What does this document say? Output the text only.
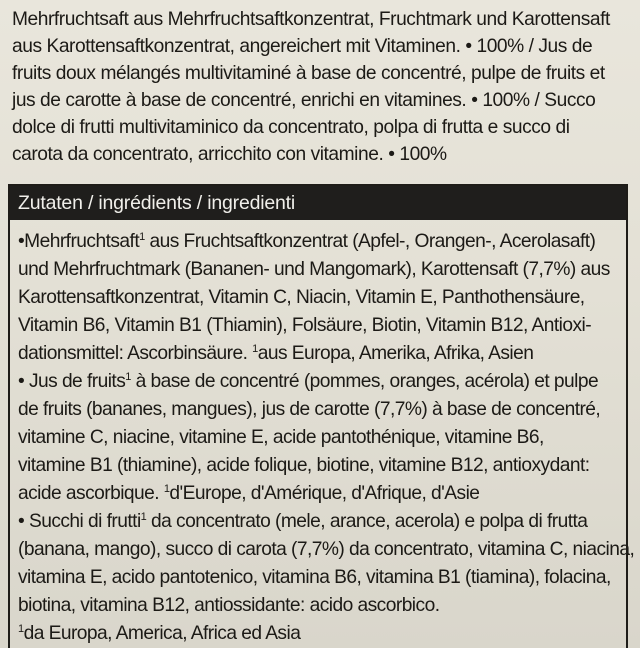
Mehrfruchtsaft aus Mehrfruchtsaftkonzentrat, Fruchtmark und Karottensaft

aus Karottensaftkonzentrat, angereichert mit Vitaminen. • 100% / Jus de

fruits doux mélangés multivitaminé à base de concentré, pulpe de fruits et

jus de carotte à base de concentré, enrichi en vitamines. • 100% / Succo

dolce di frutti multivitaminico da concentrato, polpa di frutta e succo di

carota da concentrato, arricchito con vitamine. • 100%

Zutaten / ingrédients / ingredienti
•Mehrfruchtsaft$^1$ aus Fruchtsaftkonzentrat (Apfel-, Orangen-, Acerolasaft)
und Mehrfruchtmark (Bananen- und Mangomark), Karottensaft (7,7%) aus
Karottensaftkonzentrat, Vitamin C, Niacin, Vitamin E, Panthothensäure,
Vitamin B6, Vitamin B1 (Thiamin), Folsäure, Biotin, Vitamin B12, Antioxi-
dationsmittel: Ascorbinsäure. $^1$aus Europa, Amerika, Afrika, Asien
• Jus de fruits$^1$ à base de concentré (pommes, oranges, acérola) et pulpe
de fruits (bananes, mangues), jus de carotte (7,7%) à base de concentré,
vitamine C, niacine, vitamine E, acide pantothénique, vitamine B6,
vitamine B1 (thiamine), acide folique, biotine, vitamine B12, antioxydant:
acide ascorbique. $^1$d'Europe, d'Amérique, d'Afrique, d'Asie
• Succhi di frutti$^1$ da concentrato (mele, arance, acerola) e polpa di frutta
(banana, mango), succo di carota (7,7%) da concentrato, vitamina C, niacina,
vitamina E, acido pantotenico, vitamina B6, vitamina B1 (tiamina), folacina,
biotina, vitamina B12, antiossidante: acido ascorbico.
$^1$da Europa, America, Africa ed Asia
